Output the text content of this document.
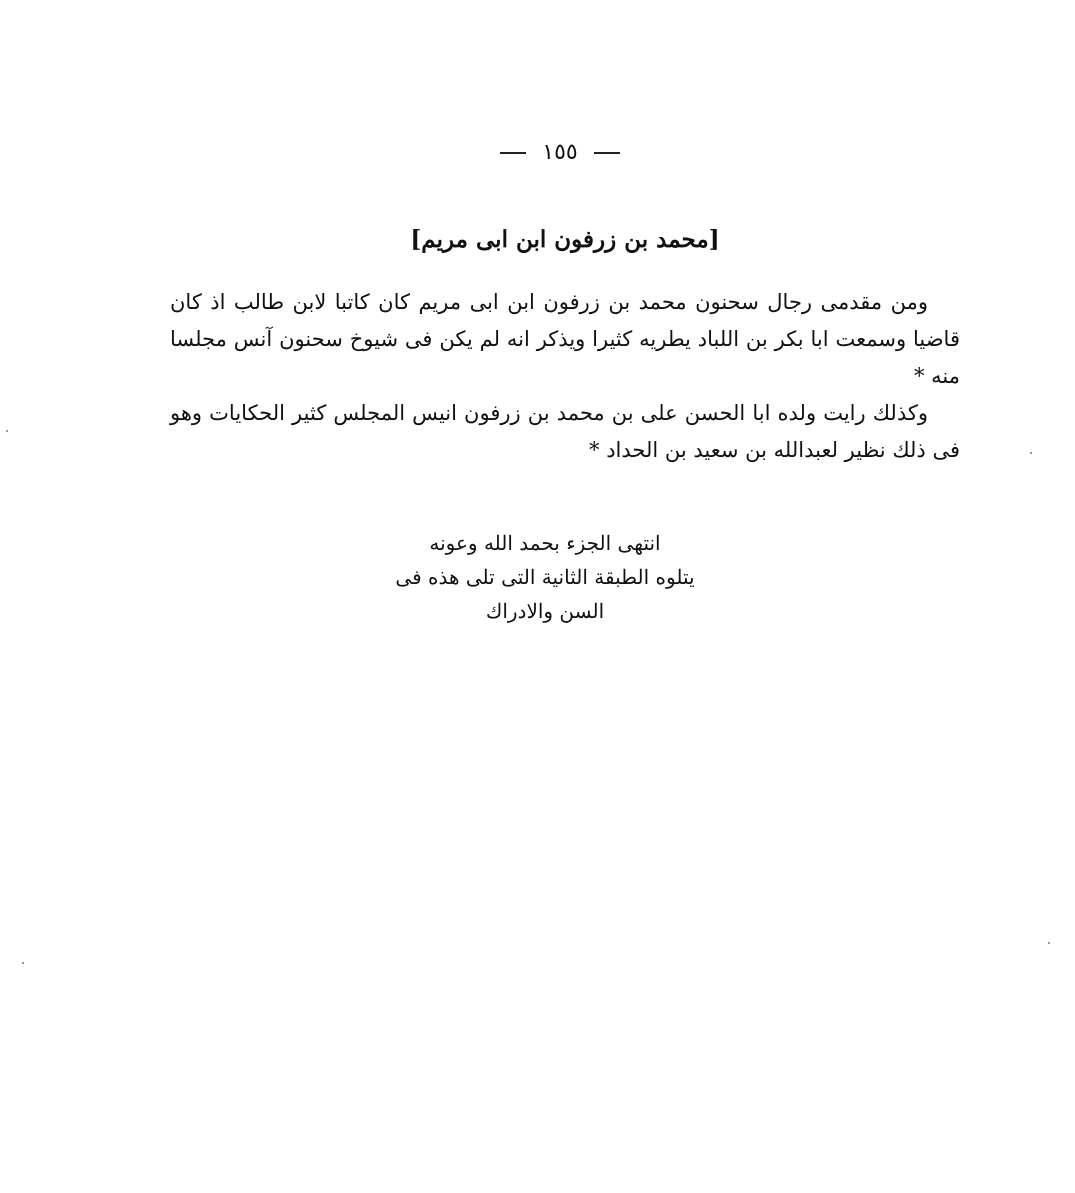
١٥٥
[محمد بن زرفون ابن ابى مريم]

ومن مقدمى رجال سحنون محمد بن زرفون ابن ابى مريم كان كاتبا لابن طالب اذ كان قاضيا وسمعت ابا بكر بن اللباد يطريه كثيرا ويذكر انه لم يكن فى شيوخ سحنون آنس مجلسا منه *

وكذلك رايت ولده ابا الحسن على بن محمد بن زرفون انيس المجلس كثير الحكايات وهو فى ذلك نظير لعبدالله بن سعيد بن الحداد *

انتهى الجزء بحمد الله وعونه
يتلوه الطبقة الثانية التى تلى هذه فى
السن والادراك
